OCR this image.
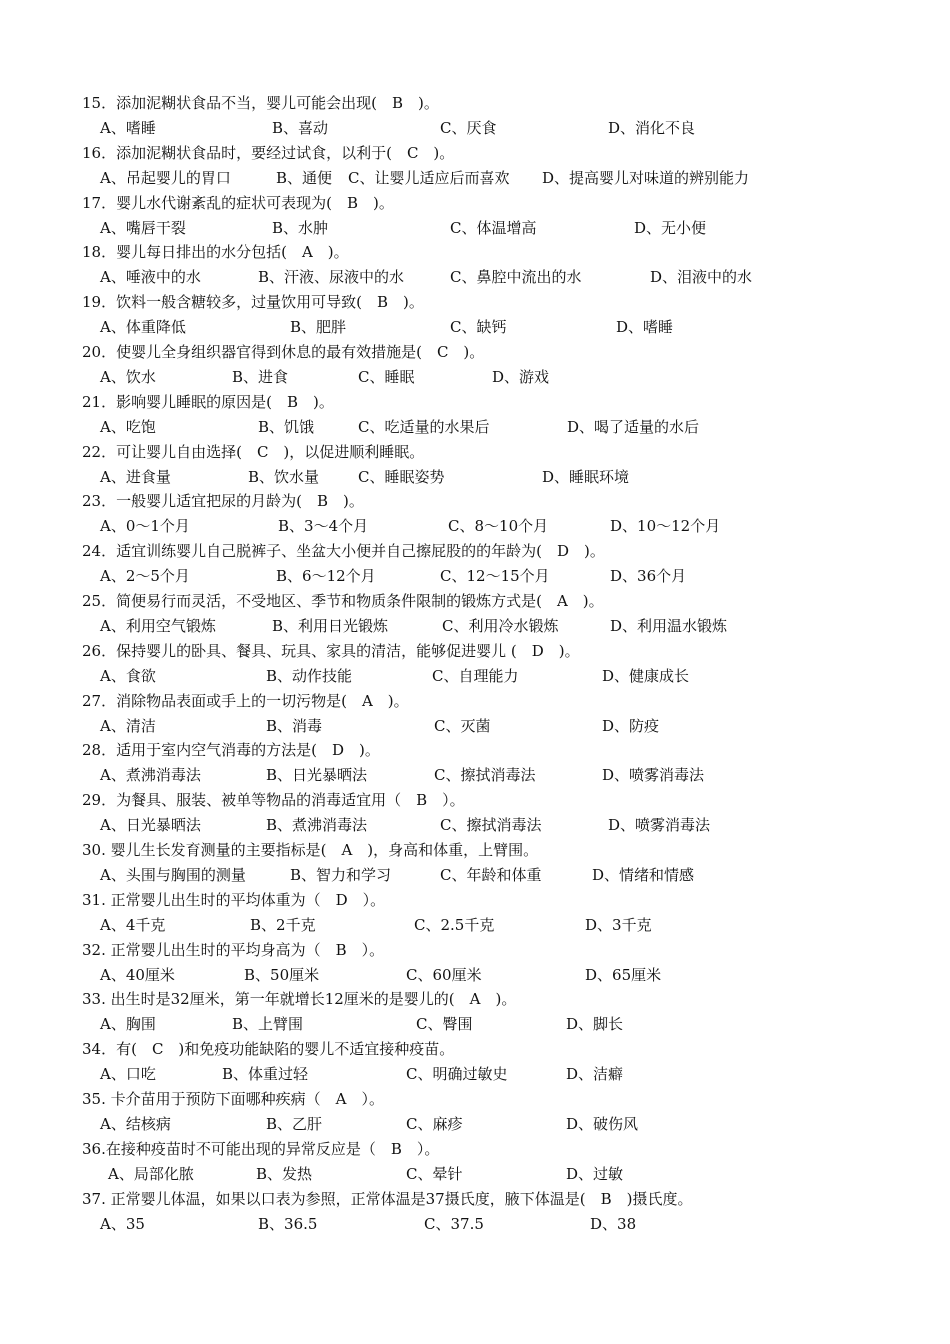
15．添加泥糊状食品不当，婴儿可能会出现(　B　)。
A、嗜睡	B、喜动	C、厌食	D、消化不良
16．添加泥糊状食品时，要经过试食，以利于(　C　)。
A、吊起婴儿的胃口	B、通便 C、让婴儿适应后而喜欢 D、提高婴儿对味道的辨别能力
17．婴儿水代谢紊乱的症状可表现为(　B　)。
A、嘴唇干裂	B、水肿	C、体温增高	D、无小便
18．婴儿每日排出的水分包括(　A　)。
A、唾液中的水	B、汗液、尿液中的水	C、鼻腔中流出的水	D、泪液中的水
19．饮料一般含糖较多，过量饮用可导致(　B　)。
A、体重降低	B、肥胖	C、缺钙	D、嗜睡
20．使婴儿全身组织器官得到休息的最有效措施是(　C　)。
A、饮水	B、进食	C、睡眠	D、游戏
21．影响婴儿睡眠的原因是(　B　)。
A、吃饱	B、饥饿	C、吃适量的水果后	D、喝了适量的水后
22．可让婴儿自由选择(　C　)，以促进顺利睡眠。
A、进食量	B、饮水量	C、睡眠姿势	D、睡眠环境
23．一般婴儿适宜把尿的月龄为(　B　)。
A、0～1个月	B、3～4个月	C、8～10个月	D、10～12个月
24．适宜训练婴儿自己脱裤子、坐盆大小便并自己擦屁股的的年龄为(　D　)。
A、2～5个月	B、6～12个月	C、12～15个月	D、36个月
25．简便易行而灵活，不受地区、季节和物质条件限制的锻炼方式是(　A　)。
A、利用空气锻炼	B、利用日光锻炼	C、利用冷水锻炼	D、利用温水锻炼
26．保持婴儿的卧具、餐具、玩具、家具的清洁，能够促进婴儿 (　D　)。
A、食欲	B、动作技能	C、自理能力	D、健康成长
27．消除物品表面或手上的一切污物是(　A　)。
A、清洁	B、消毒	C、灭菌	D、防疫
28．适用于室内空气消毒的方法是(　D　)。
A、煮沸消毒法	B、日光暴晒法	C、擦拭消毒法	D、喷雾消毒法
29．为餐具、服装、被单等物品的消毒适宜用（　B　）。
A、日光暴晒法	B、煮沸消毒法	C、擦拭消毒法	D、喷雾消毒法
30. 婴儿生长发育测量的主要指标是(　A　)，身高和体重，上臂围。
A、头围与胸围的测量	B、智力和学习	C、年龄和体重	D、情绪和情感
31. 正常婴儿出生时的平均体重为（　D　）。
A、4千克	B、2千克	C、2.5千克	D、3千克
32. 正常婴儿出生时的平均身高为（　B　）。
A、40厘米	B、50厘米	C、60厘米	D、65厘米
33. 出生时是32厘米，第一年就增长12厘米的是婴儿的(　A　)。
A、胸围	B、上臂围	C、臀围	D、脚长
34．有(　C　)和免疫功能缺陷的婴儿不适宜接种疫苗。
A、口吃	B、体重过轻	C、明确过敏史	D、洁癖
35. 卡介苗用于预防下面哪种疾病（　A　）。
A、结核病	B、乙肝	C、麻疹	D、破伤风
36.在接种疫苗时不可能出现的异常反应是（　B　）。
A、局部化脓	B、发热	C、晕针	D、过敏
37. 正常婴儿体温，如果以口表为参照，正常体温是37摄氏度，腋下体温是(　B　)摄氏度。
A、35	B、36.5	C、37.5	D、38
